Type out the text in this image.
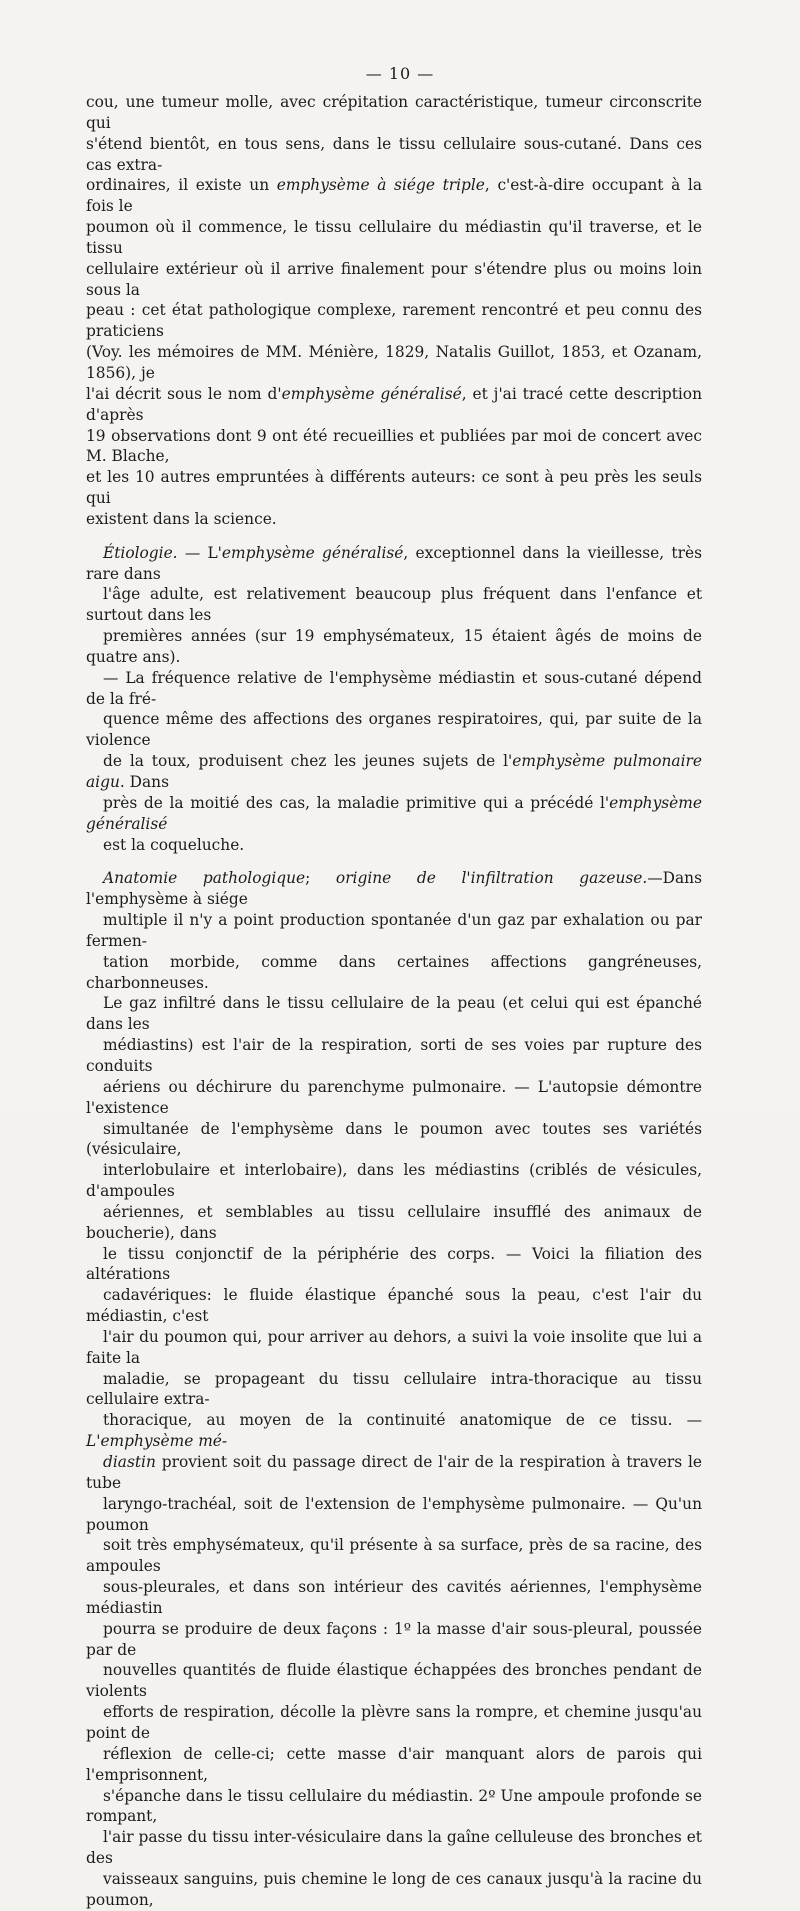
— 10 —

cou, une tumeur molle, avec crépitation caractéristique, tumeur circonscrite qui
s'étend bientôt, en tous sens, dans le tissu cellulaire sous-cutané. Dans ces cas extra-
ordinaires, il existe un emphysème à siége triple, c'est-à-dire occupant à la fois le
poumon où il commence, le tissu cellulaire du médiastin qu'il traverse, et le tissu
cellulaire extérieur où il arrive finalement pour s'étendre plus ou moins loin sous la
peau : cet état pathologique complexe, rarement rencontré et peu connu des praticiens
(Voy. les mémoires de MM. Ménière, 1829, Natalis Guillot, 1853, et Ozanam, 1856), je
l'ai décrit sous le nom d'emphysème généralisé, et j'ai tracé cette description d'après
19 observations dont 9 ont été recueillies et publiées par moi de concert avec M. Blache,
et les 10 autres empruntées à différents auteurs: ce sont à peu près les seuls qui
existent dans la science.

Étiologie. — L'emphysème généralisé, exceptionnel dans la vieillesse, très rare dans
l'âge adulte, est relativement beaucoup plus fréquent dans l'enfance et surtout dans les
premières années (sur 19 emphysémateux, 15 étaient âgés de moins de quatre ans).
— La fréquence relative de l'emphysème médiastin et sous-cutané dépend de la fré-
quence même des affections des organes respiratoires, qui, par suite de la violence
de la toux, produisent chez les jeunes sujets de l'emphysème pulmonaire aigu. Dans
près de la moitié des cas, la maladie primitive qui a précédé l'emphysème généralisé
est la coqueluche.

Anatomie pathologique; origine de l'infiltration gazeuse.—Dans l'emphysème à siége
multiple il n'y a point production spontanée d'un gaz par exhalation ou par fermen-
tation morbide, comme dans certaines affections gangréneuses, charbonneuses.

Le gaz infiltré dans le tissu cellulaire de la peau (et celui qui est épanché dans les
médiastins) est l'air de la respiration, sorti de ses voies par rupture des conduits
aériens ou déchirure du parenchyme pulmonaire. — L'autopsie démontre l'existence
simultanée de l'emphysème dans le poumon avec toutes ses variétés (vésiculaire,
interlobulaire et interlobaire), dans les médiastins (criblés de vésicules, d'ampoules
aériennes, et semblables au tissu cellulaire insufflé des animaux de boucherie), dans
le tissu conjonctif de la périphérie des corps. — Voici la filiation des altérations
cadavériques: le fluide élastique épanché sous la peau, c'est l'air du médiastin, c'est
l'air du poumon qui, pour arriver au dehors, a suivi la voie insolite que lui a faite la
maladie, se propageant du tissu cellulaire intra-thoracique au tissu cellulaire extra-
thoracique, au moyen de la continuité anatomique de ce tissu. — L'emphysème mé-
diastin provient soit du passage direct de l'air de la respiration à travers le tube
laryngo-trachéal, soit de l'extension de l'emphysème pulmonaire. — Qu'un poumon
soit très emphysémateux, qu'il présente à sa surface, près de sa racine, des ampoules
sous-pleurales, et dans son intérieur des cavités aériennes, l'emphysème médiastin
pourra se produire de deux façons : 1º la masse d'air sous-pleural, poussée par de
nouvelles quantités de fluide élastique échappées des bronches pendant de violents
efforts de respiration, décolle la plèvre sans la rompre, et chemine jusqu'au point de
réflexion de celle-ci; cette masse d'air manquant alors de parois qui l'emprisonnent,
s'épanche dans le tissu cellulaire du médiastin. 2º Une ampoule profonde se rompant,
l'air passe du tissu inter-vésiculaire dans la gaîne celluleuse des bronches et des
vaisseaux sanguins, puis chemine le long de ces canaux jusqu'à la racine du poumon,
